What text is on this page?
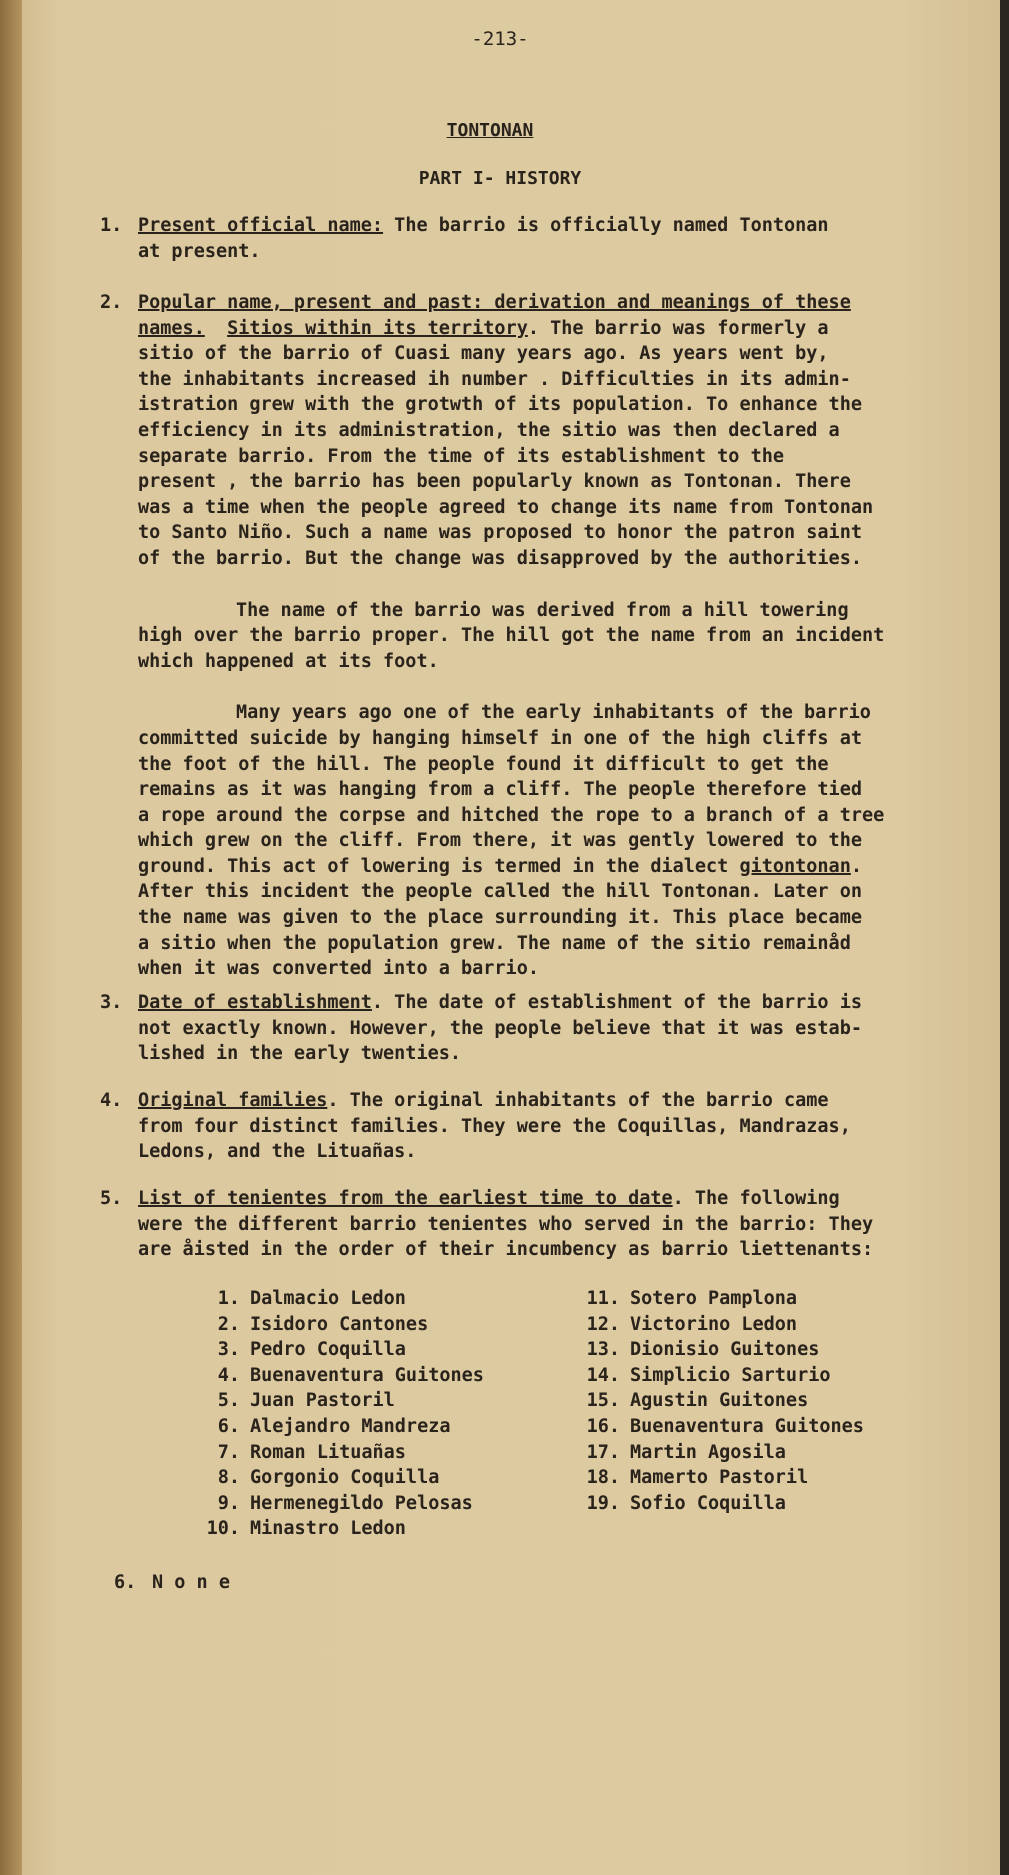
-213-
TONTONAN
PART I- HISTORY
1. Present official name: The barrio is officially named Tontonan
at present.
2. Popular name, present and past: derivation and meanings of these
names. Sitios within its territory. The barrio was formerly a
sitio of the barrio of Cuasi many years ago. As years went by,
the inhabitants increased ih number . Difficulties in its admin-
istration grew with the grotwth of its population. To enhance the
efficiency in its administration, the sitio was then declared a
separate barrio. From the time of its establishment to the
present , the barrio has been popularly known as Tontonan. There
was a time when the people agreed to change its name from Tontonan
to Santo Niño. Such a name was proposed to honor the patron saint
of the barrio. But the change was disapproved by the authorities.
The name of the barrio was derived from a hill towering
high over the barrio proper. The hill got the name from an incident
which happened at its foot.
Many years ago one of the early inhabitants of the barrio
committed suicide by hanging himself in one of the high cliffs at
the foot of the hill. The people found it difficult to get the
remains as it was hanging from a cliff. The people therefore tied
a rope around the corpse and hitched the rope to a branch of a tree
which grew on the cliff. From there, it was gently lowered to the
ground. This act of lowering is termed in the dialect gitontonan.
After this incident the people called the hill Tontonan. Later on
the name was given to the place surrounding it. This place became
a sitio when the population grew. The name of the sitio remainåd
when it was converted into a barrio.
3. Date of establishment. The date of establishment of the barrio is
not exactly known. However, the people believe that it was estab-
lished in the early twenties.
4. Original families. The original inhabitants of the barrio came
from four distinct families. They were the Coquillas, Mandrazas,
Ledons, and the Lituañas.
5. List of tenientes from the earliest time to date. The following
were the different barrio tenientes who served in the barrio: They
are åisted in the order of their incumbency as barrio liettenants:
1. Dalmacio Ledon
2. Isidoro Cantones
3. Pedro Coquilla
4. Buenaventura Guitones
5. Juan Pastoril
6. Alejandro Mandreza
7. Roman Lituañas
8. Gorgonio Coquilla
9. Hermenegildo Pelosas
10. Minastro Ledon
11. Sotero Pamplona
12. Victorino Ledon
13. Dionisio Guitones
14. Simplicio Sarturio
15. Agustin Guitones
16. Buenaventura Guitones
17. Martin Agosila
18. Mamerto Pastoril
19. Sofio Coquilla
6. N o n e
